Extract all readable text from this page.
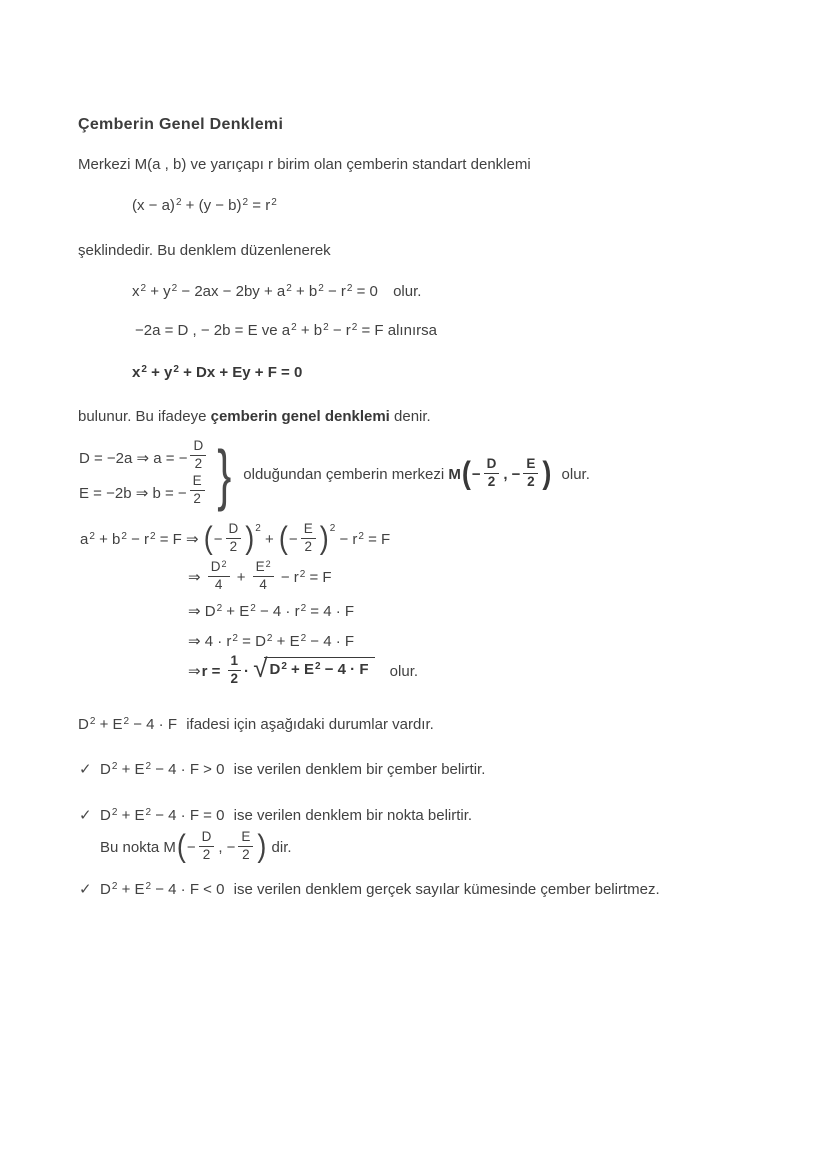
Çemberin Genel Denklemi
Merkezi M(a , b) ve yarıçapı r birim olan çemberin standart denklemi
$(x - a)^2 + (y - b)^2 = r^2$
şeklindedir. Bu denklem düzenlenerek
$x^2 + y^2 - 2ax - 2by + a^2 + b^2 - r^2 = 0$ olur.
−2a = D , − 2b = E ve $a^2 + b^2 - r^2 = F$ alınırsa
$x^2 + y^2 + Dx + Ey + F = 0$
bulunur. Bu ifadeye çemberin genel denklemi denir.
D = −2a ⇒ a = − $\frac{D}{2}$
E = −2b ⇒ b = − $\frac{E}{2}$ } olduğundan çemberin merkezi $M(- \frac{D}{2}$ , − $\frac{E}{2}$ ) olur.
$a^2 + b^2 - r^2 = F$ ⇒ (− $\frac{D}{2} )^2$ + (− $\frac{E}{2} )^2 - r^2 = F$
⇒ $\frac{D^2}{4} + \frac{E^2}{4} - r^2 = F$
⇒ $D^2 + E^2 - 4 \cdot r^2 = 4 \cdot F$
⇒ $4 \cdot r^2 = D^2 + E^2 - 4 \cdot F$
⇒r = $\frac{1}{2}$ · √ $D^2 + E^2 - 4 \cdot F$ olur.
$D^2 + E^2 - 4 \cdot F$ ifadesi için aşağıdaki durumlar vardır.
✓ $D^2 + E^2 - 4 \cdot F > 0$ ise verilen denklem bir çember belirtir.
✓ $D^2 + E^2 - 4 \cdot F = 0$ ise verilen denklem bir nokta belirtir.
Bu nokta $M(- \frac{D}{2}$ , − $\frac{E}{2}$ ) dir.
✓ $D^2 + E^2 - 4 \cdot F < 0$ ise verilen denklem gerçek sayılar kümesinde çember belirtmez.
